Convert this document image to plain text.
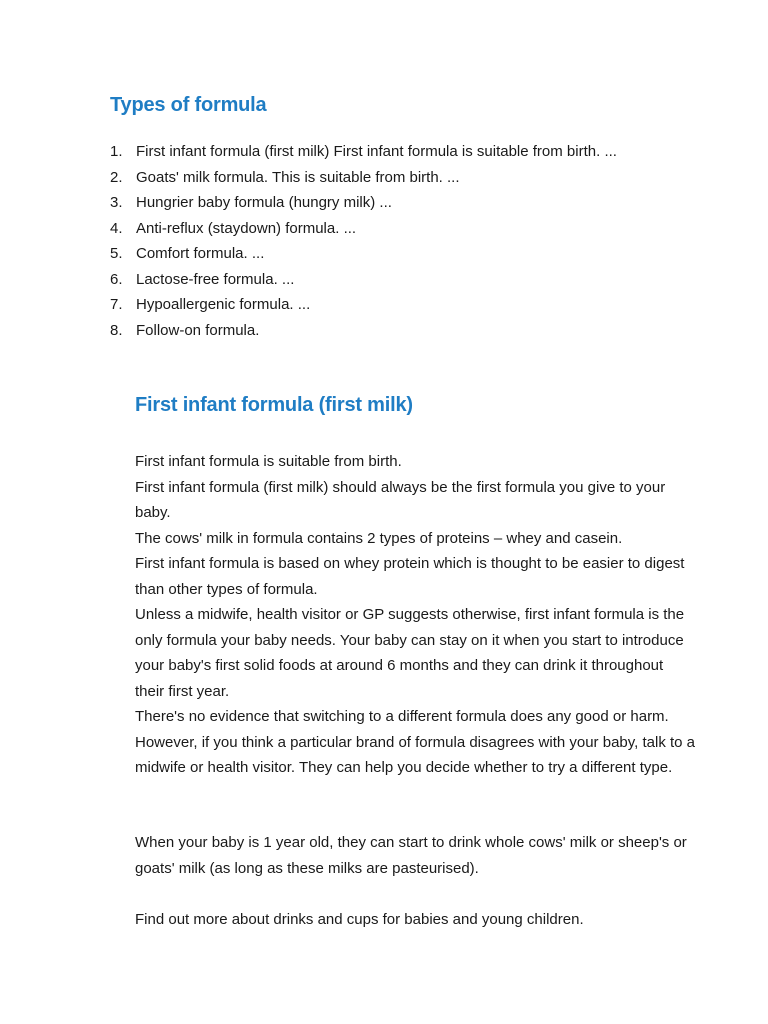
Types of formula
1. First infant formula (first milk) First infant formula is suitable from birth. ...
2. Goats' milk formula. This is suitable from birth. ...
3. Hungrier baby formula (hungry milk) ...
4. Anti-reflux (staydown) formula. ...
5. Comfort formula. ...
6. Lactose-free formula. ...
7. Hypoallergenic formula. ...
8. Follow-on formula.
First infant formula (first milk)

First infant formula is suitable from birth.

First infant formula (first milk) should always be the first formula you give to your baby.

The cows' milk in formula contains 2 types of proteins – whey and casein.

First infant formula is based on whey protein which is thought to be easier to digest than other types of formula.

Unless a midwife, health visitor or GP suggests otherwise, first infant formula is the only formula your baby needs. Your baby can stay on it when you start to introduce your baby's first solid foods at around 6 months and they can drink it throughout their first year.

There's no evidence that switching to a different formula does any good or harm. However, if you think a particular brand of formula disagrees with your baby, talk to a midwife or health visitor. They can help you decide whether to try a different type.

When your baby is 1 year old, they can start to drink whole cows' milk or sheep's or goats' milk (as long as these milks are pasteurised).

Find out more about drinks and cups for babies and young children.
